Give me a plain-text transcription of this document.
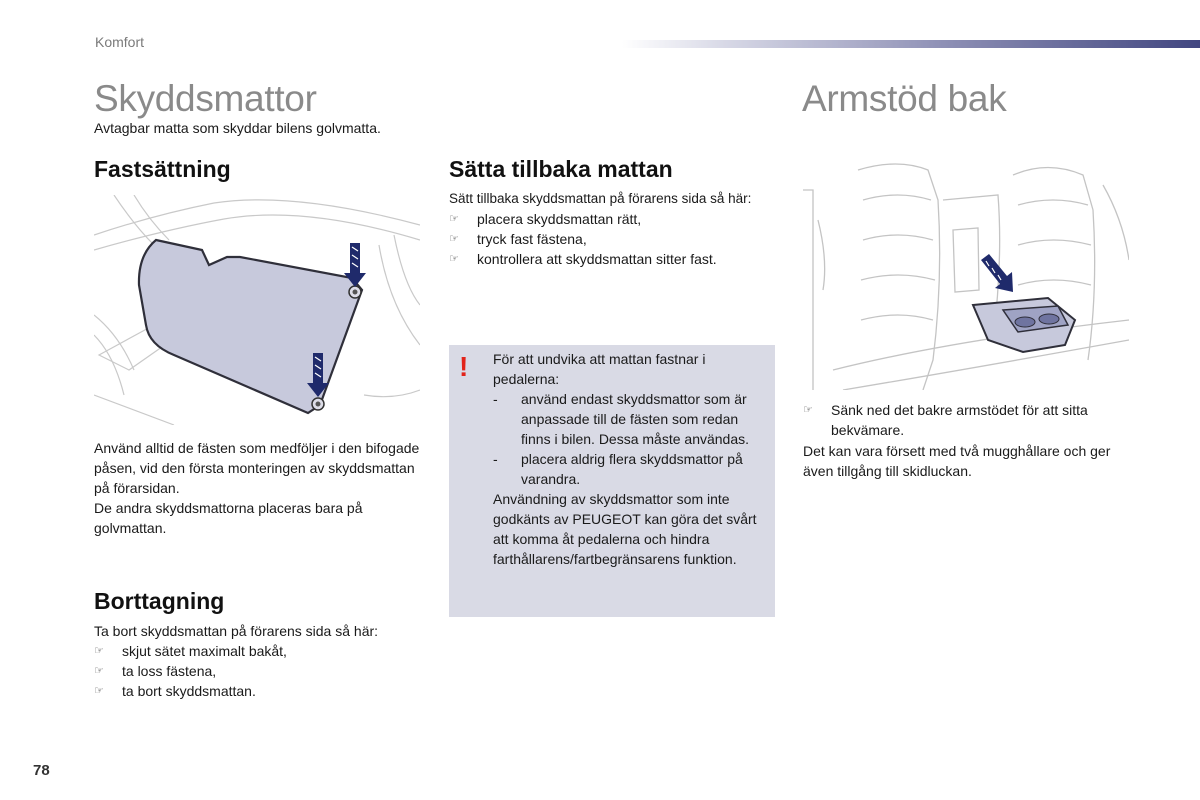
Komfort
Skyddsmattor
Avtagbar matta som skyddar bilens golvmatta.
Fastsättning
Använd alltid de fästen som medföljer i den bifogade påsen, vid den första monteringen av skyddsmattan på förarsidan.
De andra skyddsmattorna placeras bara på golvmattan.
Borttagning
Ta bort skyddsmattan på förarens sida så här:
☞ skjut sätet maximalt bakåt,
☞ ta loss fästena,
☞ ta bort skyddsmattan.
Sätta tillbaka mattan
Sätt tillbaka skyddsmattan på förarens sida så här:
☞ placera skyddsmattan rätt,
☞ tryck fast fästena,
☞ kontrollera att skyddsmattan sitter fast.
! För att undvika att mattan fastnar i pedalerna:
- använd endast skyddsmattor som är anpassade till de fästen som redan finns i bilen. Dessa måste användas.
- placera aldrig flera skyddsmattor på varandra.
Användning av skyddsmattor som inte godkänts av PEUGEOT kan göra det svårt att komma åt pedalerna och hindra farthållarens/fartbegränsarens funktion.
Armstöd bak
☞ Sänk ned det bakre armstödet för att sitta bekvämare.
Det kan vara försett med två mugghållare och ger även tillgång till skidluckan.
78
